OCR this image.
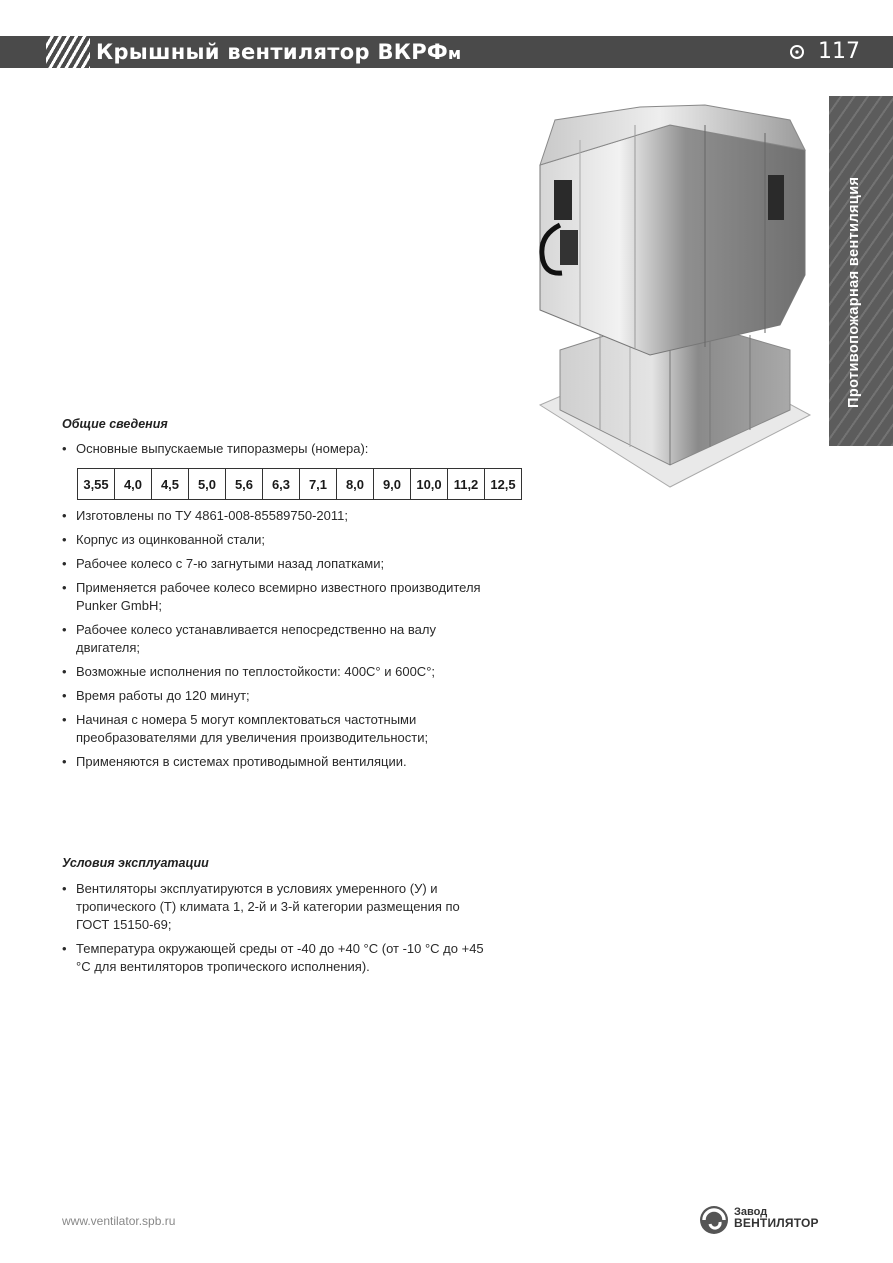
Крышный вентилятор ВКРФм	117
Противопожарная вентиляция
Общие сведения
• Основные выпускаемые типоразмеры (номера):
3,55	4,0	4,5	5,0	5,6	6,3	7,1	8,0	9,0	10,0	11,2	12,5
• Изготовлены по ТУ 4861-008-85589750-2011;
• Корпус из оцинкованной стали;
• Рабочее колесо с 7-ю загнутыми назад лопатками;
• Применяется рабочее колесо всемирно известного производителя Punker GmbH;
• Рабочее колесо устанавливается непосредственно на валу двигателя;
• Возможные исполнения по теплостойкости: 400С° и 600С°;
• Время работы до 120 минут;
• Начиная с номера 5 могут комплектоваться частотными преобразователями для увеличения производительности;
• Применяются в системах противодымной вентиляции.
Условия эксплуатации
• Вентиляторы эксплуатируются в условиях умеренного (У) и тропического (Т) климата 1, 2-й и 3-й категории размещения по ГОСТ 15150-69;
• Температура окружающей среды от -40 до +40 °С (от -10 °С до +45 °С для вентиляторов тропического исполнения).
www.ventilator.spb.ru
Завод
ВЕНТИЛЯТОР
